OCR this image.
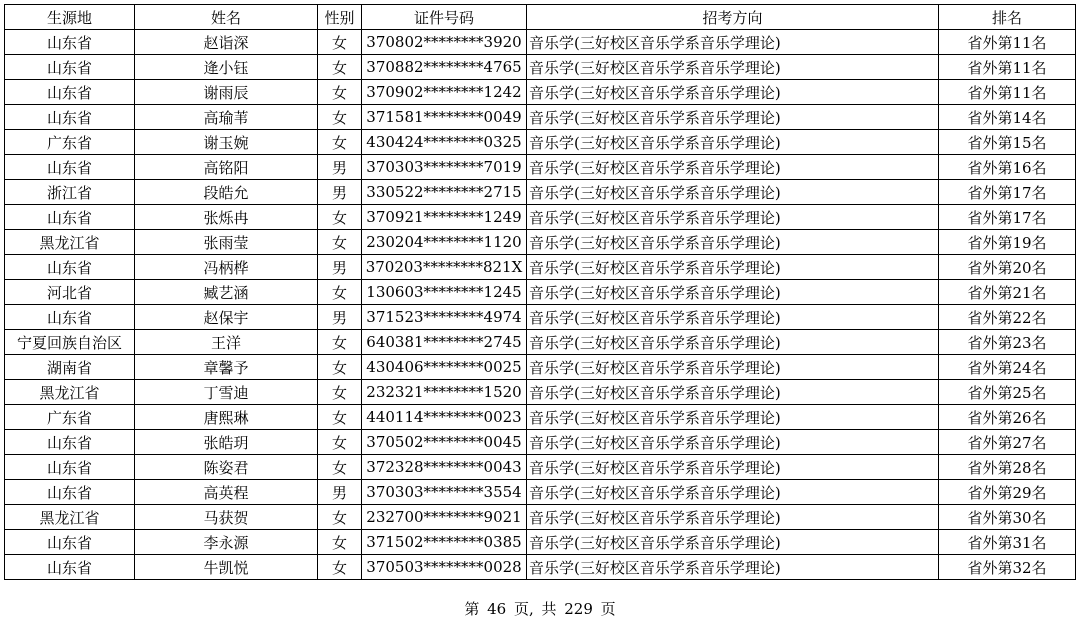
生源地	姓名	性别	证件号码	招考方向	排名
山东省	赵诣深	女	370802********3920	音乐学(三好校区音乐学系音乐学理论)	省外第11名
山东省	逄小钰	女	370882********4765	音乐学(三好校区音乐学系音乐学理论)	省外第11名
山东省	谢雨辰	女	370902********1242	音乐学(三好校区音乐学系音乐学理论)	省外第11名
山东省	高瑜苇	女	371581********0049	音乐学(三好校区音乐学系音乐学理论)	省外第14名
广东省	谢玉婉	女	430424********0325	音乐学(三好校区音乐学系音乐学理论)	省外第15名
山东省	高铭阳	男	370303********7019	音乐学(三好校区音乐学系音乐学理论)	省外第16名
浙江省	段皓允	男	330522********2715	音乐学(三好校区音乐学系音乐学理论)	省外第17名
山东省	张烁冉	女	370921********1249	音乐学(三好校区音乐学系音乐学理论)	省外第17名
黑龙江省	张雨莹	女	230204********1120	音乐学(三好校区音乐学系音乐学理论)	省外第19名
山东省	冯柄桦	男	370203********821X	音乐学(三好校区音乐学系音乐学理论)	省外第20名
河北省	臧艺涵	女	130603********1245	音乐学(三好校区音乐学系音乐学理论)	省外第21名
山东省	赵保宇	男	371523********4974	音乐学(三好校区音乐学系音乐学理论)	省外第22名
宁夏回族自治区	王洋	女	640381********2745	音乐学(三好校区音乐学系音乐学理论)	省外第23名
湖南省	章馨予	女	430406********0025	音乐学(三好校区音乐学系音乐学理论)	省外第24名
黑龙江省	丁雪迪	女	232321********1520	音乐学(三好校区音乐学系音乐学理论)	省外第25名
广东省	唐熙琳	女	440114********0023	音乐学(三好校区音乐学系音乐学理论)	省外第26名
山东省	张皓玥	女	370502********0045	音乐学(三好校区音乐学系音乐学理论)	省外第27名
山东省	陈姿君	女	372328********0043	音乐学(三好校区音乐学系音乐学理论)	省外第28名
山东省	高英程	男	370303********3554	音乐学(三好校区音乐学系音乐学理论)	省外第29名
黑龙江省	马获贺	女	232700********9021	音乐学(三好校区音乐学系音乐学理论)	省外第30名
山东省	李永源	女	371502********0385	音乐学(三好校区音乐学系音乐学理论)	省外第31名
山东省	牛凯悦	女	370503********0028	音乐学(三好校区音乐学系音乐学理论)	省外第32名
第 46 页, 共 229 页
